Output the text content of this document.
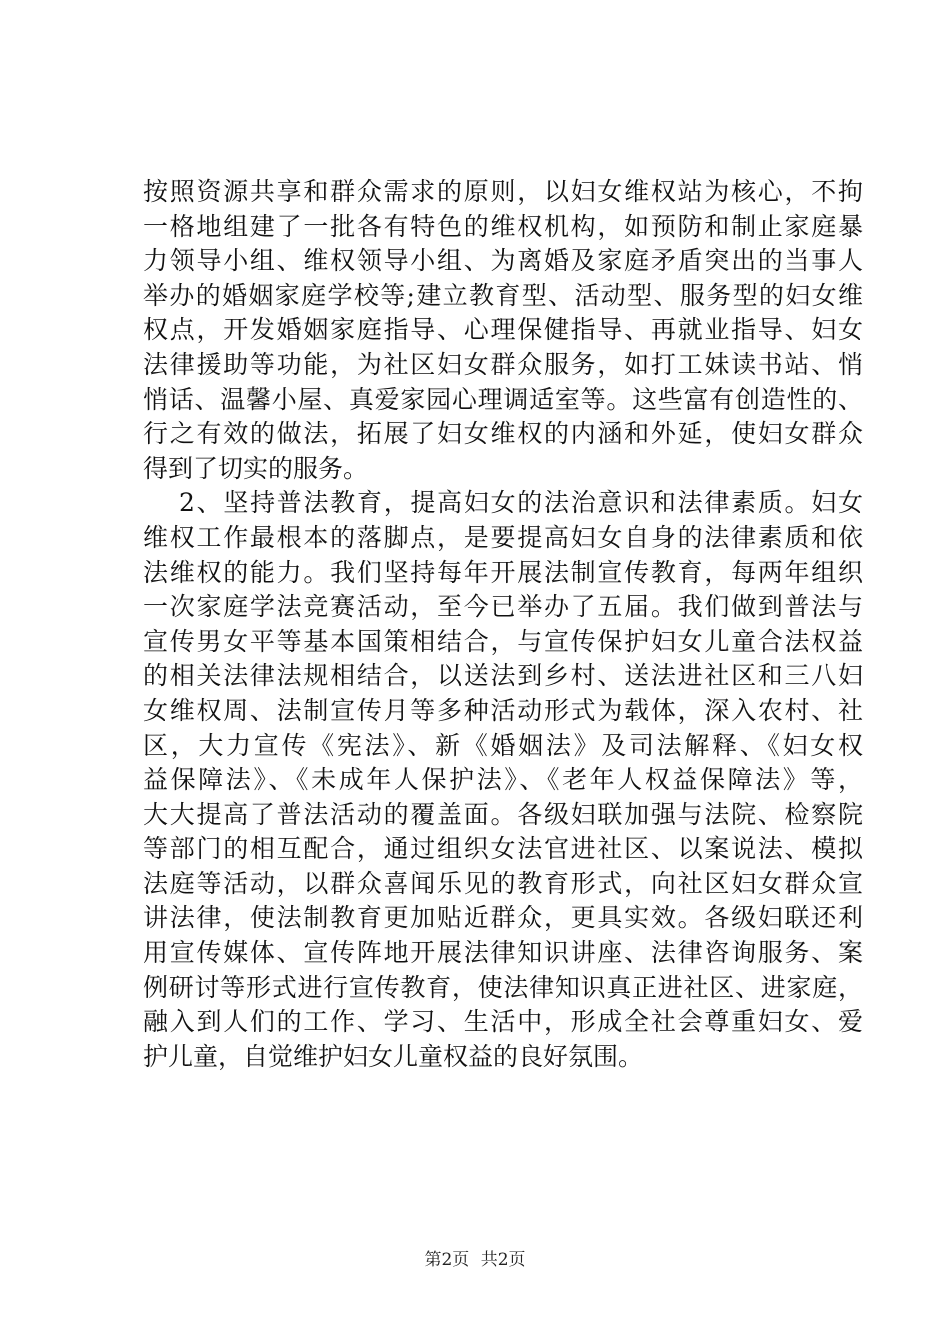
按照资源共享和群众需求的原则，以妇女维权站为核心，不拘
一格地组建了一批各有特色的维权机构，如预防和制止家庭暴
力领导小组、维权领导小组、为离婚及家庭矛盾突出的当事人
举办的婚姻家庭学校等;建立教育型、活动型、服务型的妇女维
权点，开发婚姻家庭指导、心理保健指导、再就业指导、妇女
法律援助等功能，为社区妇女群众服务，如打工妹读书站、悄
悄话、温馨小屋、真爱家园心理调适室等。这些富有创造性的、
行之有效的做法，拓展了妇女维权的内涵和外延，使妇女群众
得到了切实的服务。
2、坚持普法教育，提高妇女的法治意识和法律素质。妇女
维权工作最根本的落脚点，是要提高妇女自身的法律素质和依
法维权的能力。我们坚持每年开展法制宣传教育，每两年组织
一次家庭学法竞赛活动，至今已举办了五届。我们做到普法与
宣传男女平等基本国策相结合，与宣传保护妇女儿童合法权益
的相关法律法规相结合，以送法到乡村、送法进社区和三八妇
女维权周、法制宣传月等多种活动形式为载体，深入农村、社
区，大力宣传《宪法》、新《婚姻法》及司法解释、《妇女权
益保障法》、《未成年人保护法》、《老年人权益保障法》等，
大大提高了普法活动的覆盖面。各级妇联加强与法院、检察院
等部门的相互配合，通过组织女法官进社区、以案说法、模拟
法庭等活动，以群众喜闻乐见的教育形式，向社区妇女群众宣
讲法律，使法制教育更加贴近群众，更具实效。各级妇联还利
用宣传媒体、宣传阵地开展法律知识讲座、法律咨询服务、案
例研讨等形式进行宣传教育，使法律知识真正进社区、进家庭，
融入到人们的工作、学习、生活中，形成全社会尊重妇女、爱
护儿童，自觉维护妇女儿童权益的良好氛围。
第2页 共2页
